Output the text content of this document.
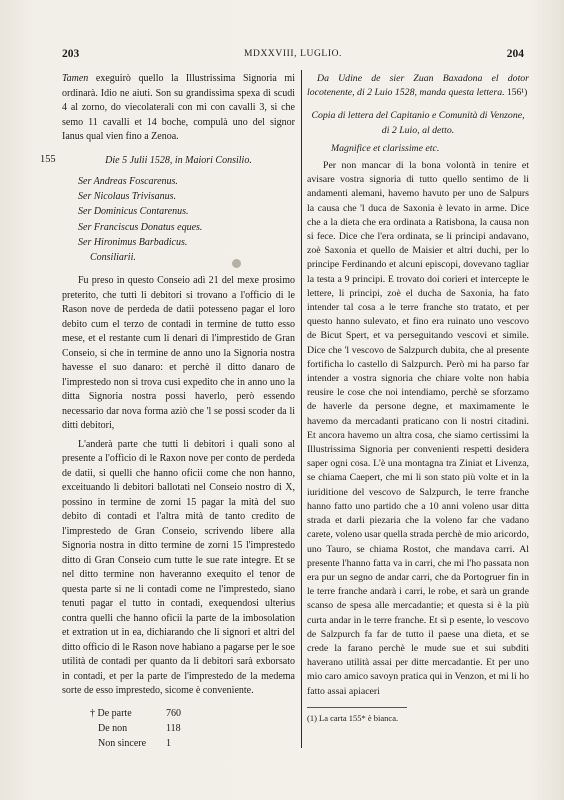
203	MDXXVIII, LUGLIO.	204
155

Tamen exeguirò quello la Illustrissima Signoria mi ordinarà. Idio ne aiuti. Son su grandissima spexa di scudi 4 al zorno, do viecolaterali con mi con cavalli 3, si che semo 11 cavalli et 14 boche, compulà uno del signor Ianus qual vien fino a Zenoa.

Die 5 Julii 1528, in Maiori Consilio.

Ser Andreas Foscarenus.
Ser Nicolaus Trivisanus.
Ser Dominicus Contarenus.
Ser Franciscus Donatus eques.
Ser Hironimus Barbadicus.
Consiliarii.

Fu preso in questo Conseio adì 21 del mexe prosimo preterito, che tutti li debitori si trovano a l'officio di le Rason nove de perdeda de datii potesseno pagar el loro debito cum el terzo de contadi in termine de tutto esso mese, et el restante cum li denari di l'imprestido de Gran Conseio, si che in termine de anno uno la Signoria nostra havesse el suo danaro: et perchè il ditto danaro de l'imprestedo non si trova cusì expedito che in anno uno la ditta Signoria nostra possi haverlo, però essendo necessario dar nova forma aziò che 'l se possi scoder da li ditti debitori,

L'anderà parte che tutti li debitori i quali sono al presente a l'officio di le Raxon nove per conto de perdeda de datii, si quelli che hanno oficii come che non hanno, exceituando li debitori ballotati nel Conseio nostro di X, possino in termine de zorni 15 pagar la mità del suo debito di contadi et l'altra mità de tanto credito de l'imprestedo de Gran Conseio, scrivendo libere alla Signoria nostra in ditto termine de zorni 15 l'imprestedo ditto di Gran Conseio cum tutte le sue rate integre. Et se nel ditto termine non haveranno exequito el tenor de questa parte si ne li contadi come ne l'imprestedo, siano tenuti pagar el tutto in contadi, exequendosi ulterius contra quelli che hanno oficii la parte de la imbosolation et extration ut in ea, dichiarando che li signori et altri del ditto officio di le Rason nove habiano a pagarse per le soe utilità de contadi per quanto da li debitori sarà exborsato in contadi, et per la parte de l'imprestedo de la medema sorte de esso imprestedo, sicome è conveniente.

† De parte	760
De non	118
Non sincere 1

Da Udine de sier Zuan Baxadona el dotor locotenente, di 2 Luio 1528, manda questa lettera. 156¹)

Copia di lettera del Capitanio e Comunità di Venzone, di 2 Luio, al detto.

Magnifice et clarissime etc.

Per non mancar di la bona volontà in tenire et avisare vostra signoria di tutto quello sentimo de li andamenti alemani, havemo havuto per uno de Salpurs la causa che 'l duca de Saxonia è levato in arme. Dice che a la dieta che era ordinata a Ratisbona, la causa non si fece. Dice che l'era ordinata, se li principi andavano, zoè Saxonia et quello de Maisier et altri duchi, per lo principe Ferdinando et alcuni episcopi, dovevano tagliar la testa a 9 principi. E trovato doi corieri et intercepte le lettere, li principi, zoè el ducha de Saxonia, ha fato intender tal cosa a le terre franche sto tratato, et per questo hanno sulevato, et fino era ruinato uno vescovo de Bicut Spert, et va perseguitando vescovi et simile. Dice che 'l vescovo de Salzpurch dubita, che al presente fortificha lo castello di Salzpurch. Però mi ha parso far intender a vostra signoria che chiare volte non habia reusire le cose che noi intendiamo, perchè se sforzamo de haverle da persone degne, et maximamente le havemo da mercadanti praticano con li nostri citadini. Et ancora havemo un altra cosa, che siamo certissimi la Illustrissima Signoria per convenienti respetti desidera saper ogni cosa. L'è una montagna tra Ziniat et Livenza, se chiama Caepert, che mi li son stato più volte et in la iuriditione del vescovo de Salzpurch, le terre franche hanno fatto uno partido che a 10 anni voleno usar ditta strada et darli piezaria che la voleno far che vadano carete, voleno usar quella strada perchè de mio aricordo, uno Tauro, se chiama Rostot, che mandava carri. Al presente l'hanno fatta va in carri, che mi l'ho passata non era pur un segno de andar carri, che da Portogruer fin in le terre franche andarà i carri, le robe, et sarà un grande scanso de spesa alle mercadantie; et questa si è la più curta andar in le terre franche. Et sì p esente, lo vescovo de Salzpurch fa far de tutto il paese una dieta, et se crede la farano perchè le mude sue et sui subditi haverano utilità assai per ditte mercadantie. Et per uno mio caro amico savoyn pratica qui in Venzon, et mi li ho fatto assai apiaceri

(1) La carta 155* è bianca.
